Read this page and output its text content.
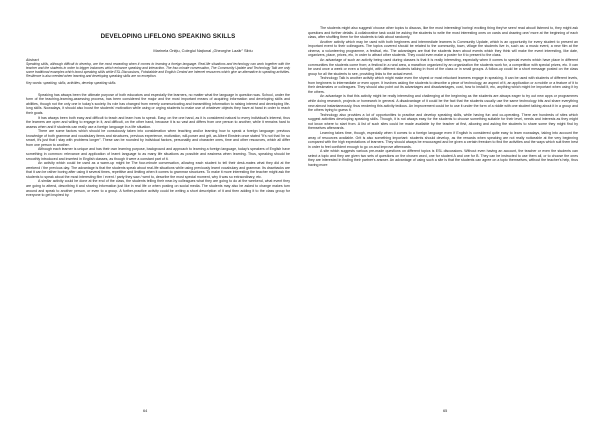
DEVELOPING LIFELONG SPEAKING SKILLS

Marinela Oniţiu, Colegiul Naţional „Gheorghe Lazăr” Sibiu

Abstract

Speaking skills, although difficult to develop, are the most rewarding when it comes to learning a foreign language. Real-life situations and technology can work together with the teacher and the students in order to trigger instances which enhance speaking and interaction. The four-minute conversation, The Community Update and Technology Talk are only some traditional examples which boost speaking skills while ESL Discussions, Fotobabble and English Central are Internet resources which give an alternative to speaking activities. Resilience is also needed when learning and developing speaking skills are no exception.

Key words: speaking, skills, activities, develop speaking skills.

Speaking has always been the ultimate purpose of both educators and especially the learners, no matter what the language in question was. School, under the form of the teaching-learning-assessing process, has been considered the major and the most important means of acquiring information and developing skills and abilities, though not the only one in today's society. Its role has changed from merely communicating and transmitting information to raising interest and developing life-long skills. Nowadays, it should also boost the students' motivation while using or urging students to make use of whatever objects they have at hand in order to reach their goals.

It has always been both easy and difficult to teach and learn how to speak. Easy, on the one hand, as it is considered natural to every individual's interest, thus the learners are open and willing to engage in it, and difficult, on the other hand, because it is so vast and differs from one person to another, while it remains hard to assess when and if students can really use a foreign language in a life situation.

There are some factors which should be consciously taken into consideration when teaching and/or learning how to speak a foreign language: previous knowledge of both grammar and vocabulary items and structures, previous experience, motivation, will-power and grit, as Albert Einstein once stated "It's not that I'm so smart, it's just that I stay with problems longer". These can be rounded by individual factors, personality and character ones, time and other resources, which all differ from one person to another.

Although each learner is unique and has their own learning purpose, background and approach to learning a foreign language, today's speakers of English have something in common: relevance and application of learnt language to as many life situations as possible and easiness when learning. Thus, speaking should be smoothly introduced and inserted in English classes, as though it were a constant part of it.

An activity which could be used as a warm-up might be The four-minute conversation, allowing each student to tell their desk-mates what they did at the weekend / the previous day. The advantage is that the students speak about real-life situations while using previously learnt vocabulary and grammar. Its drawbacks are that it can be rather boring after using it several times, repetitive and limiting when it comes to grammar structures. To make it more interesting the teacher might ask the students to speak about the most interesting film / event / party they saw / went to, describe the most special moment, why it was so extraordinary, etc.

A similar activity could be done at the end of the class, the students telling their near-by colleagues what they are going to do at the weekend, what event they are going to attend, describing it and sharing information just like in real life or when posting on social media. The students may also be asked to change makes turn around and speak to another person, or even to a group. A further-practice activity could be writing a short description of it and then adding it to the class group for everyone to get inspired by.

64

The students might also suggest/ choose other topics to discuss, like the most interesting/ boring/ exciting thing they've seen/ read about/ listened to, they might ask questions and further details. A collaborative task could be asking the students to write the most interesting ones on cards and drawing one/ more at the beginning of each class, after shuffling them for the students to talk about randomly.

Another activity which may be used with both beginners and intermediate learners is Community Update, which is an opportunity for every student to present an important event to their colleagues. The topics covered should be related to the community, town, village the students live in, such as: a music event, a new film at the cinema, a volunteering programme, a festival, etc. The advantages are that the students learn about events which they think will make the event interesting, like date, organizers, place, prices, etc, in order to attract other students. They could even make a poster for it to present to the class.

An advantage of such an activity being used during classes is that it is really interesting, especially when it comes to special events which have place in different communities the students come from; a festival in a rural area, a marathon organized by an organization the students work for, a competition with special prizes, etc. It can be used once a week or even a fortnight, with different students talking in front of the class or in small groups. A follow-up could be a short message posted on the class group for all the students to see, providing links to the actual event.

Technology Talk is another activity which might make even the shyest or most reluctant learners engage in speaking. It can be used with students of different levels, from beginners to intermediate or even upper. It involves asking the students to describe a piece of technology, an aspect of it, an application or a mobile or a feature of it to their deskmates or colleagues. They should also point out its advantages and disadvantages, cost, how to install it, etc, anything which might be important when using it by the others.

An advantage is that this activity might be really interesting and challenging at the beginning as the students are always eager to try out new apps or programmes while doing research, projects or homework in general. A disadvantage of it could be the fact that the students usually use the same technology bits and share everything new almost instantaneously, thus rendering this activity tedious. An improvement could be to use it under the form of a riddle with one student talking about it in a group and the others trying to guess it.

Technology also provides a lot of opportunities to practise and develop speaking skills, while having fun and co-operating. There are hundreds of sites which suggest activities developing speaking skills. Though, it is not always easy for the students to choose something suitable for their level, needs and interests as they might not know where to start from. A list of such sites could be made available by the teacher at first, allowing and asking the students to share some they might find by themselves afterwards.

Learning takes time, though, especially when it comes to a foreign language even if English is considered quite easy to learn nowadays, taking into account the array of resources available. Grit is also something important: students should develop, as the rewards when speaking are not really noticeable at the very beginning compared with the high expectations of learners. They should always be encouraged and be given a certain freedom to find the activities and the ways which suit them best in order to feel confident enough to go on and improve afterwards.

A site which suggests various pre-made questions on different topics is ESL discussions. Without even having an account, the teacher or even the students can select a topic and they are given two sets of questions on the chosen word, one for student A and one for B. They can be instructed to use them all, or to choose the ones they are interested in finding their partner's answer. An advantage of using such a site is that the students can agree on a topic themselves, without the teacher's help, thus having more

65
